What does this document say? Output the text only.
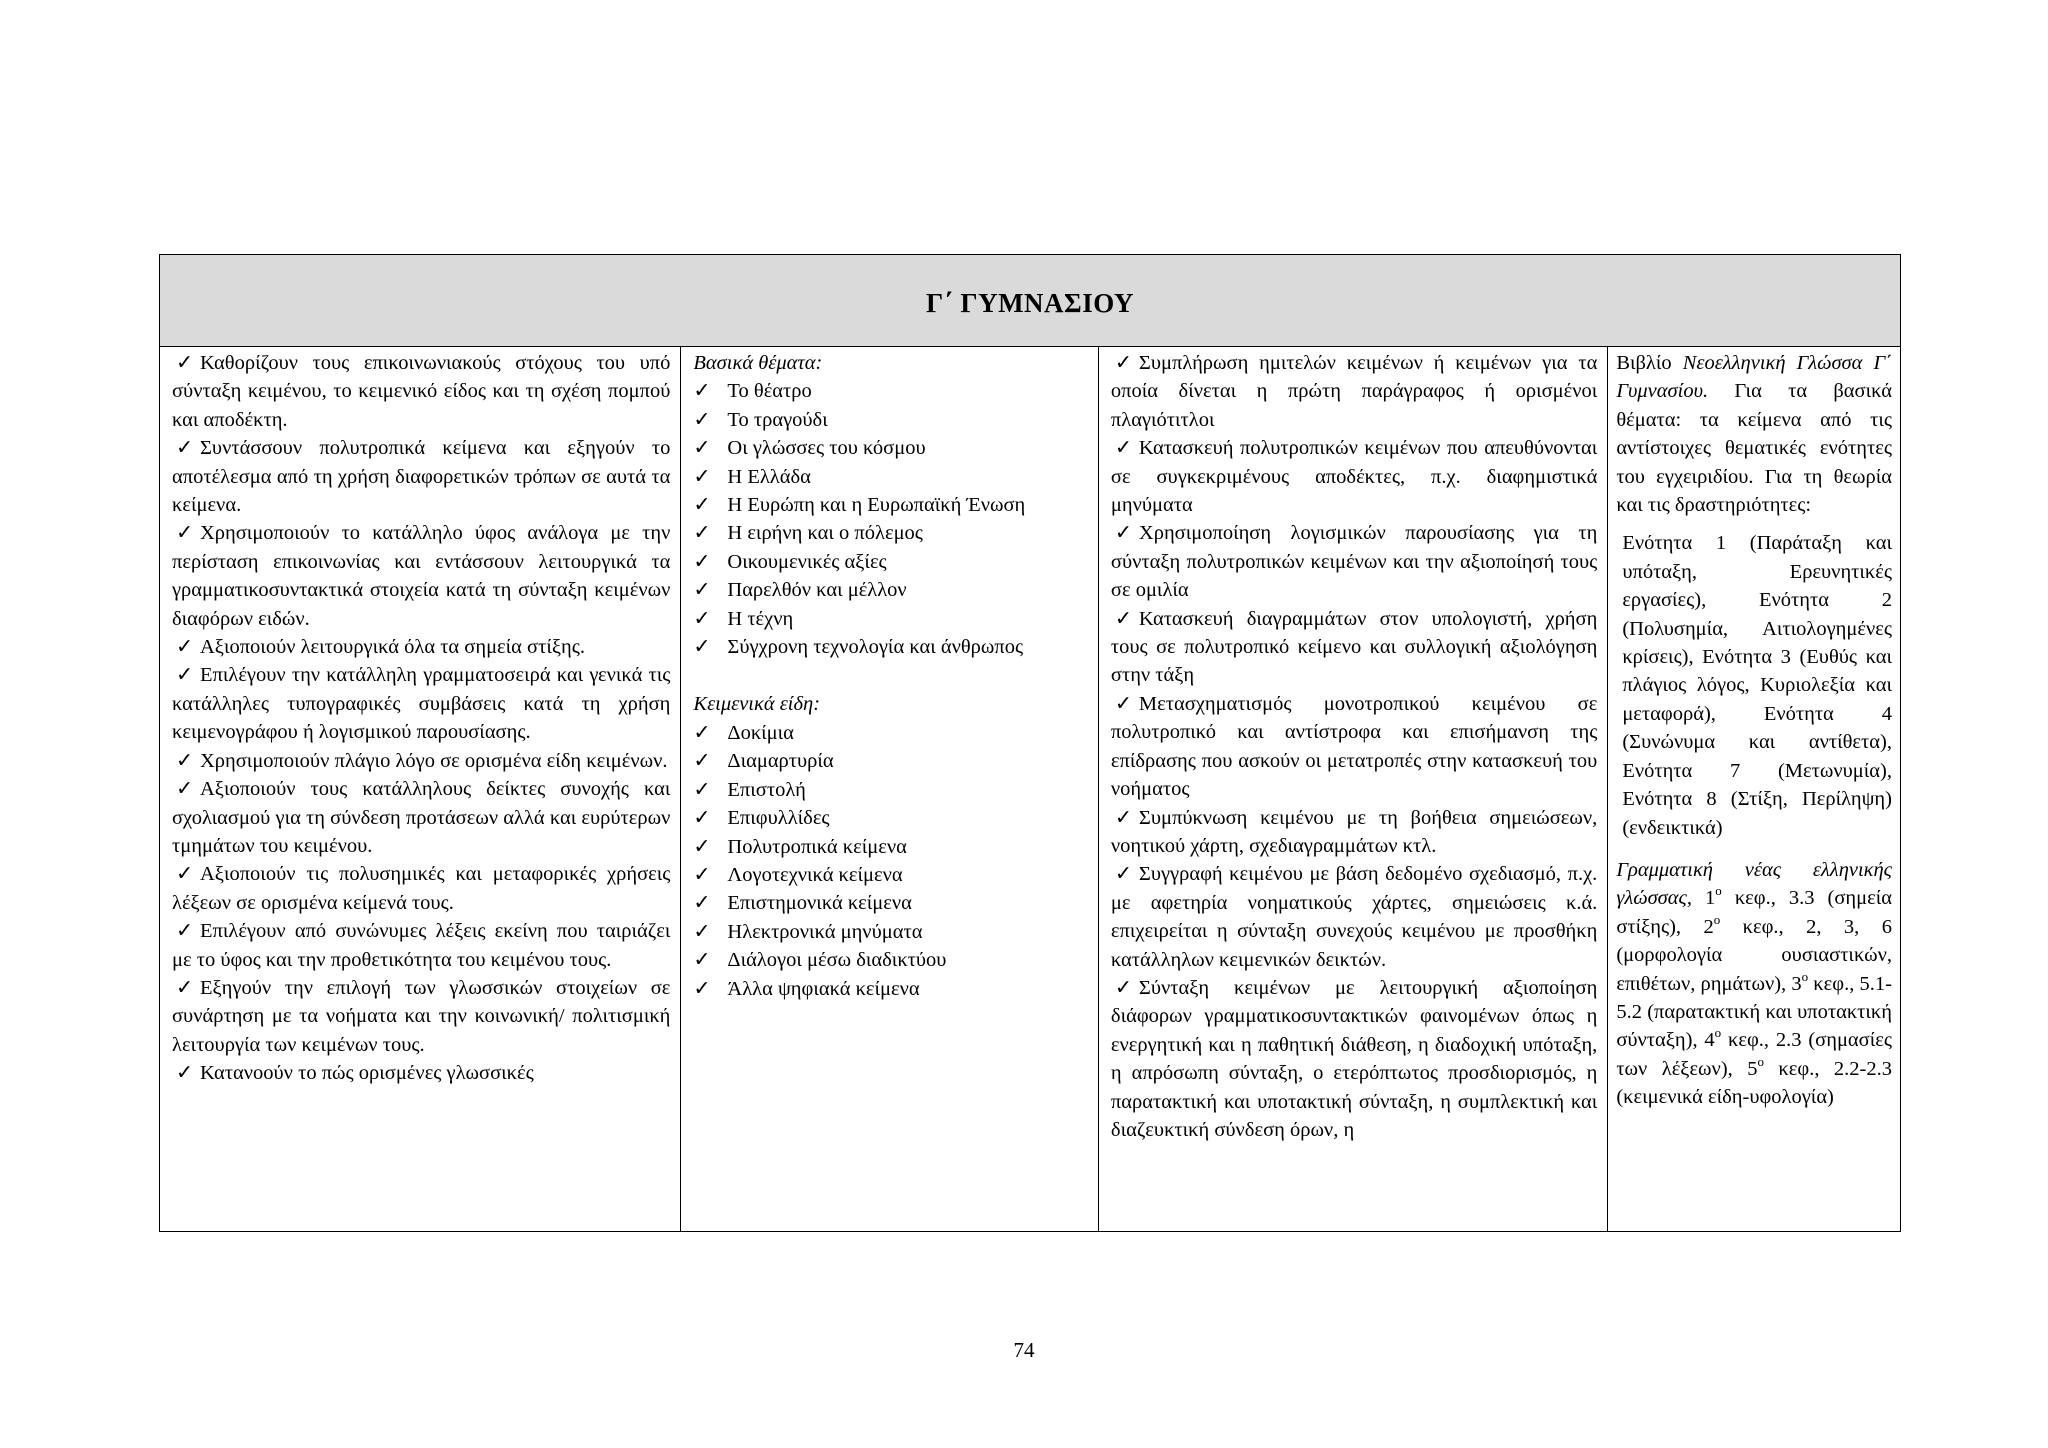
Γ΄ ΓΥΜΝΑΣΙΟΥ

✓ Καθορίζουν τους επικοινωνιακούς στόχους του υπό σύνταξη κειμένου, το κειμενικό είδος και τη σχέση πομπού και αποδέκτη.

✓ Συντάσσουν πολυτροπικά κείμενα και εξηγούν το αποτέλεσμα από τη χρήση διαφορετικών τρόπων σε αυτά τα κείμενα.

✓ Χρησιμοποιούν το κατάλληλο ύφος ανάλογα με την περίσταση επικοινωνίας και εντάσσουν λειτουργικά τα γραμματικοσυντακτικά στοιχεία κατά τη σύνταξη κειμένων διαφόρων ειδών.

✓ Αξιοποιούν λειτουργικά όλα τα σημεία στίξης.

✓ Επιλέγουν την κατάλληλη γραμματοσειρά και γενικά τις κατάλληλες τυπογραφικές συμβάσεις κατά τη χρήση κειμενογράφου ή λογισμικού παρουσίασης.

✓ Χρησιμοποιούν πλάγιο λόγο σε ορισμένα είδη κειμένων.

✓ Αξιοποιούν τους κατάλληλους δείκτες συνοχής και σχολιασμού για τη σύνδεση προτάσεων αλλά και ευρύτερων τμημάτων του κειμένου.

✓ Αξιοποιούν τις πολυσημικές και μεταφορικές χρήσεις λέξεων σε ορισμένα κείμενά τους.

✓ Επιλέγουν από συνώνυμες λέξεις εκείνη που ταιριάζει με το ύφος και την προθετικότητα του κειμένου τους.

✓ Εξηγούν την επιλογή των γλωσσικών στοιχείων σε συνάρτηση με τα νοήματα και την κοινωνική/ πολιτισμική λειτουργία των κειμένων τους.

✓ Κατανοούν το πώς ορισμένες γλωσσικές

Βασικά θέματα:

✓ Το θέατρο
✓ Το τραγούδι
✓ Οι γλώσσες του κόσμου
✓ Η Ελλάδα
✓ Η Ευρώπη και η Ευρωπαϊκή Ένωση
✓ Η ειρήνη και ο πόλεμος
✓ Οικουμενικές αξίες
✓ Παρελθόν και μέλλον
✓ Η τέχνη
✓ Σύγχρονη τεχνολογία και άνθρωπος

Κειμενικά είδη:

✓ Δοκίμια
✓ Διαμαρτυρία
✓ Επιστολή
✓ Επιφυλλίδες
✓ Πολυτροπικά κείμενα
✓ Λογοτεχνικά κείμενα
✓ Επιστημονικά κείμενα
✓ Ηλεκτρονικά μηνύματα
✓ Διάλογοι μέσω διαδικτύου
✓ Άλλα ψηφιακά κείμενα

✓ Συμπλήρωση ημιτελών κειμένων ή κειμένων για τα οποία δίνεται η πρώτη παράγραφος ή ορισμένοι πλαγιότιτλοι

✓ Κατασκευή πολυτροπικών κειμένων που απευθύνονται σε συγκεκριμένους αποδέκτες, π.χ. διαφημιστικά μηνύματα

✓ Χρησιμοποίηση λογισμικών παρουσίασης για τη σύνταξη πολυτροπικών κειμένων και την αξιοποίησή τους σε ομιλία

✓ Κατασκευή διαγραμμάτων στον υπολογιστή, χρήση τους σε πολυτροπικό κείμενο και συλλογική αξιολόγηση στην τάξη

✓ Μετασχηματισμός μονοτροπικού κειμένου σε πολυτροπικό και αντίστροφα και επισήμανση της επίδρασης που ασκούν οι μετατροπές στην κατασκευή του νοήματος

✓ Συμπύκνωση κειμένου με τη βοήθεια σημειώσεων, νοητικού χάρτη, σχεδιαγραμμάτων κτλ.

✓ Συγγραφή κειμένου με βάση δεδομένο σχεδιασμό, π.χ. με αφετηρία νοηματικούς χάρτες, σημειώσεις κ.ά. επιχειρείται η σύνταξη συνεχούς κειμένου με προσθήκη κατάλληλων κειμενικών δεικτών.

✓ Σύνταξη κειμένων με λειτουργική αξιοποίηση διάφορων γραμματικοσυντακτικών φαινομένων όπως η ενεργητική και η παθητική διάθεση, η διαδοχική υπόταξη, η απρόσωπη σύνταξη, ο ετερόπτωτος προσδιορισμός, η παρατακτική και υποτακτική σύνταξη, η συμπλεκτική και διαζευκτική σύνδεση όρων, η

Βιβλίο Νεοελληνική Γλώσσα Γ΄ Γυμνασίου. Για τα βασικά θέματα: τα κείμενα από τις αντίστοιχες θεματικές ενότητες του εγχειριδίου. Για τη θεωρία και τις δραστηριότητες:

Ενότητα 1 (Παράταξη και υπόταξη, Ερευνητικές εργασίες), Ενότητα 2 (Πολυσημία, Αιτιολογημένες κρίσεις), Ενότητα 3 (Ευθύς και πλάγιος λόγος, Κυριολεξία και μεταφορά), Ενότητα 4 (Συνώνυμα και αντίθετα), Ενότητα 7 (Μετωνυμία), Ενότητα 8 (Στίξη, Περίληψη) (ενδεικτικά)

Γραμματική νέας ελληνικής γλώσσας, $1^o$ κεφ., 3.3 (σημεία στίξης), $2^o$ κεφ., 2, 3, 6 (μορφολογία ουσιαστικών, επιθέτων, ρημάτων), $3^o$ κεφ., 5.1-5.2 (παρατακτική και υποτακτική σύνταξη), $4^o$ κεφ., 2.3 (σημασίες των λέξεων), $5^o$ κεφ., 2.2-2.3 (κειμενικά είδη-υφολογία)

74
